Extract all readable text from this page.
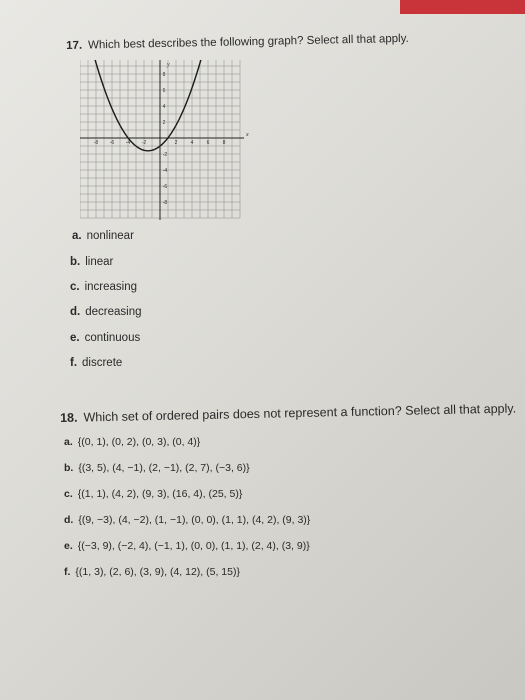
17. Which best describes the following graph? Select all that apply.
-8 -6 -4 -2	2	4	6	8
8
6
4
2
-2
-4
-6
-8
x
y
a. nonlinear
b. linear
c. increasing
d. decreasing
e. continuous
f. discrete
18. Which set of ordered pairs does not represent a function? Select all that apply.
a. {(0, 1), (0, 2), (0, 3), (0, 4)}
b. {(3, 5), (4, −1), (2, −1), (2, 7), (−3, 6)}
c. {(1, 1), (4, 2), (9, 3), (16, 4), (25, 5)}
d. {(9, −3), (4, −2), (1, −1), (0, 0), (1, 1), (4, 2), (9, 3)}
e. {(−3, 9), (−2, 4), (−1, 1), (0, 0), (1, 1), (2, 4), (3, 9)}
f. {(1, 3), (2, 6), (3, 9), (4, 12), (5, 15)}
